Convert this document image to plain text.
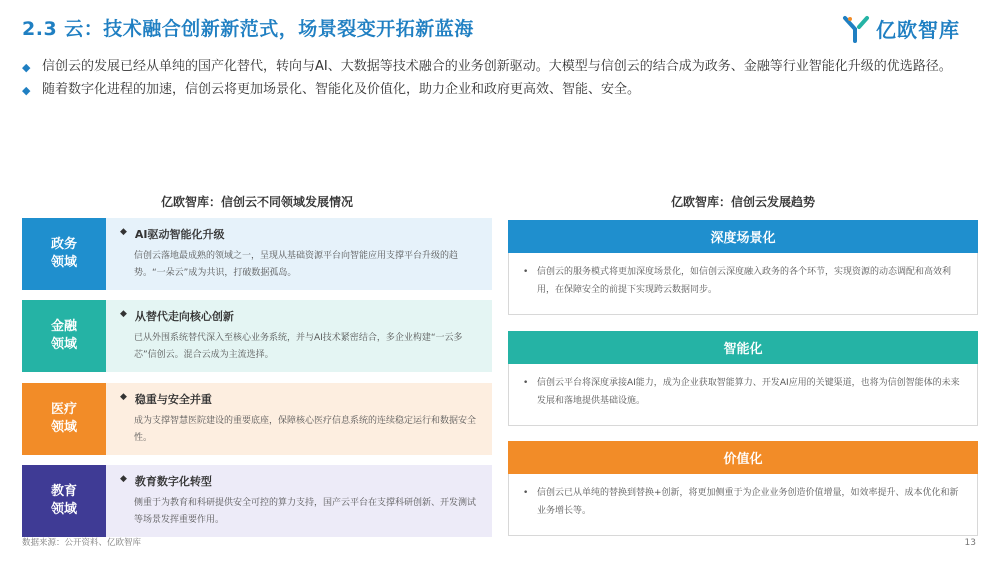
2.3 云：技术融合创新新范式，场景裂变开拓新蓝海	亿欧智库
◆ 信创云的发展已经从单纯的国产化替代，转向与AI、大数据等技术融合的业务创新驱动。大模型与信创云的结合成为政务、金融等行业智能化升级的优选路径。
◆ 随着数字化进程的加速，信创云将更加场景化、智能化及价值化，助力企业和政府更高效、智能、安全。
亿欧智库：信创云不同领域发展情况
政务
领域
◆ AI驱动智能化升级
信创云落地最成熟的领域之一，呈现从基础资源平台向智能应用支撑平台升级的趋势。“一朵云”成为共识，打破数据孤岛。
金融
领域
◆ 从替代走向核心创新
已从外围系统替代深入至核心业务系统，并与AI技术紧密结合，多企业构建“一云多芯”信创云。混合云成为主流选择。
医疗
领域
◆ 稳重与安全并重
成为支撑智慧医院建设的重要底座，保障核心医疗信息系统的连续稳定运行和数据安全性。
教育
领域
◆ 教育数字化转型
侧重于为教育和科研提供安全可控的算力支持，国产云平台在支撑科研创新、开发测试等场景发挥重要作用。
亿欧智库：信创云发展趋势
深度场景化
• 信创云的服务模式将更加深度场景化，如信创云深度融入政务的各个环节，实现资源的动态调配和高效利用，在保障安全的前提下实现跨云数据同步。
智能化
• 信创云平台将深度承接AI能力，成为企业获取智能算力、开发AI应用的关键渠道，也将为信创智能体的未来发展和落地提供基础设施。
价值化
• 信创云已从单纯的替换到替换+创新，将更加侧重于为企业业务创造价值增量，如效率提升、成本优化和新业务增长等。
数据来源：公开资料、亿欧智库	13
